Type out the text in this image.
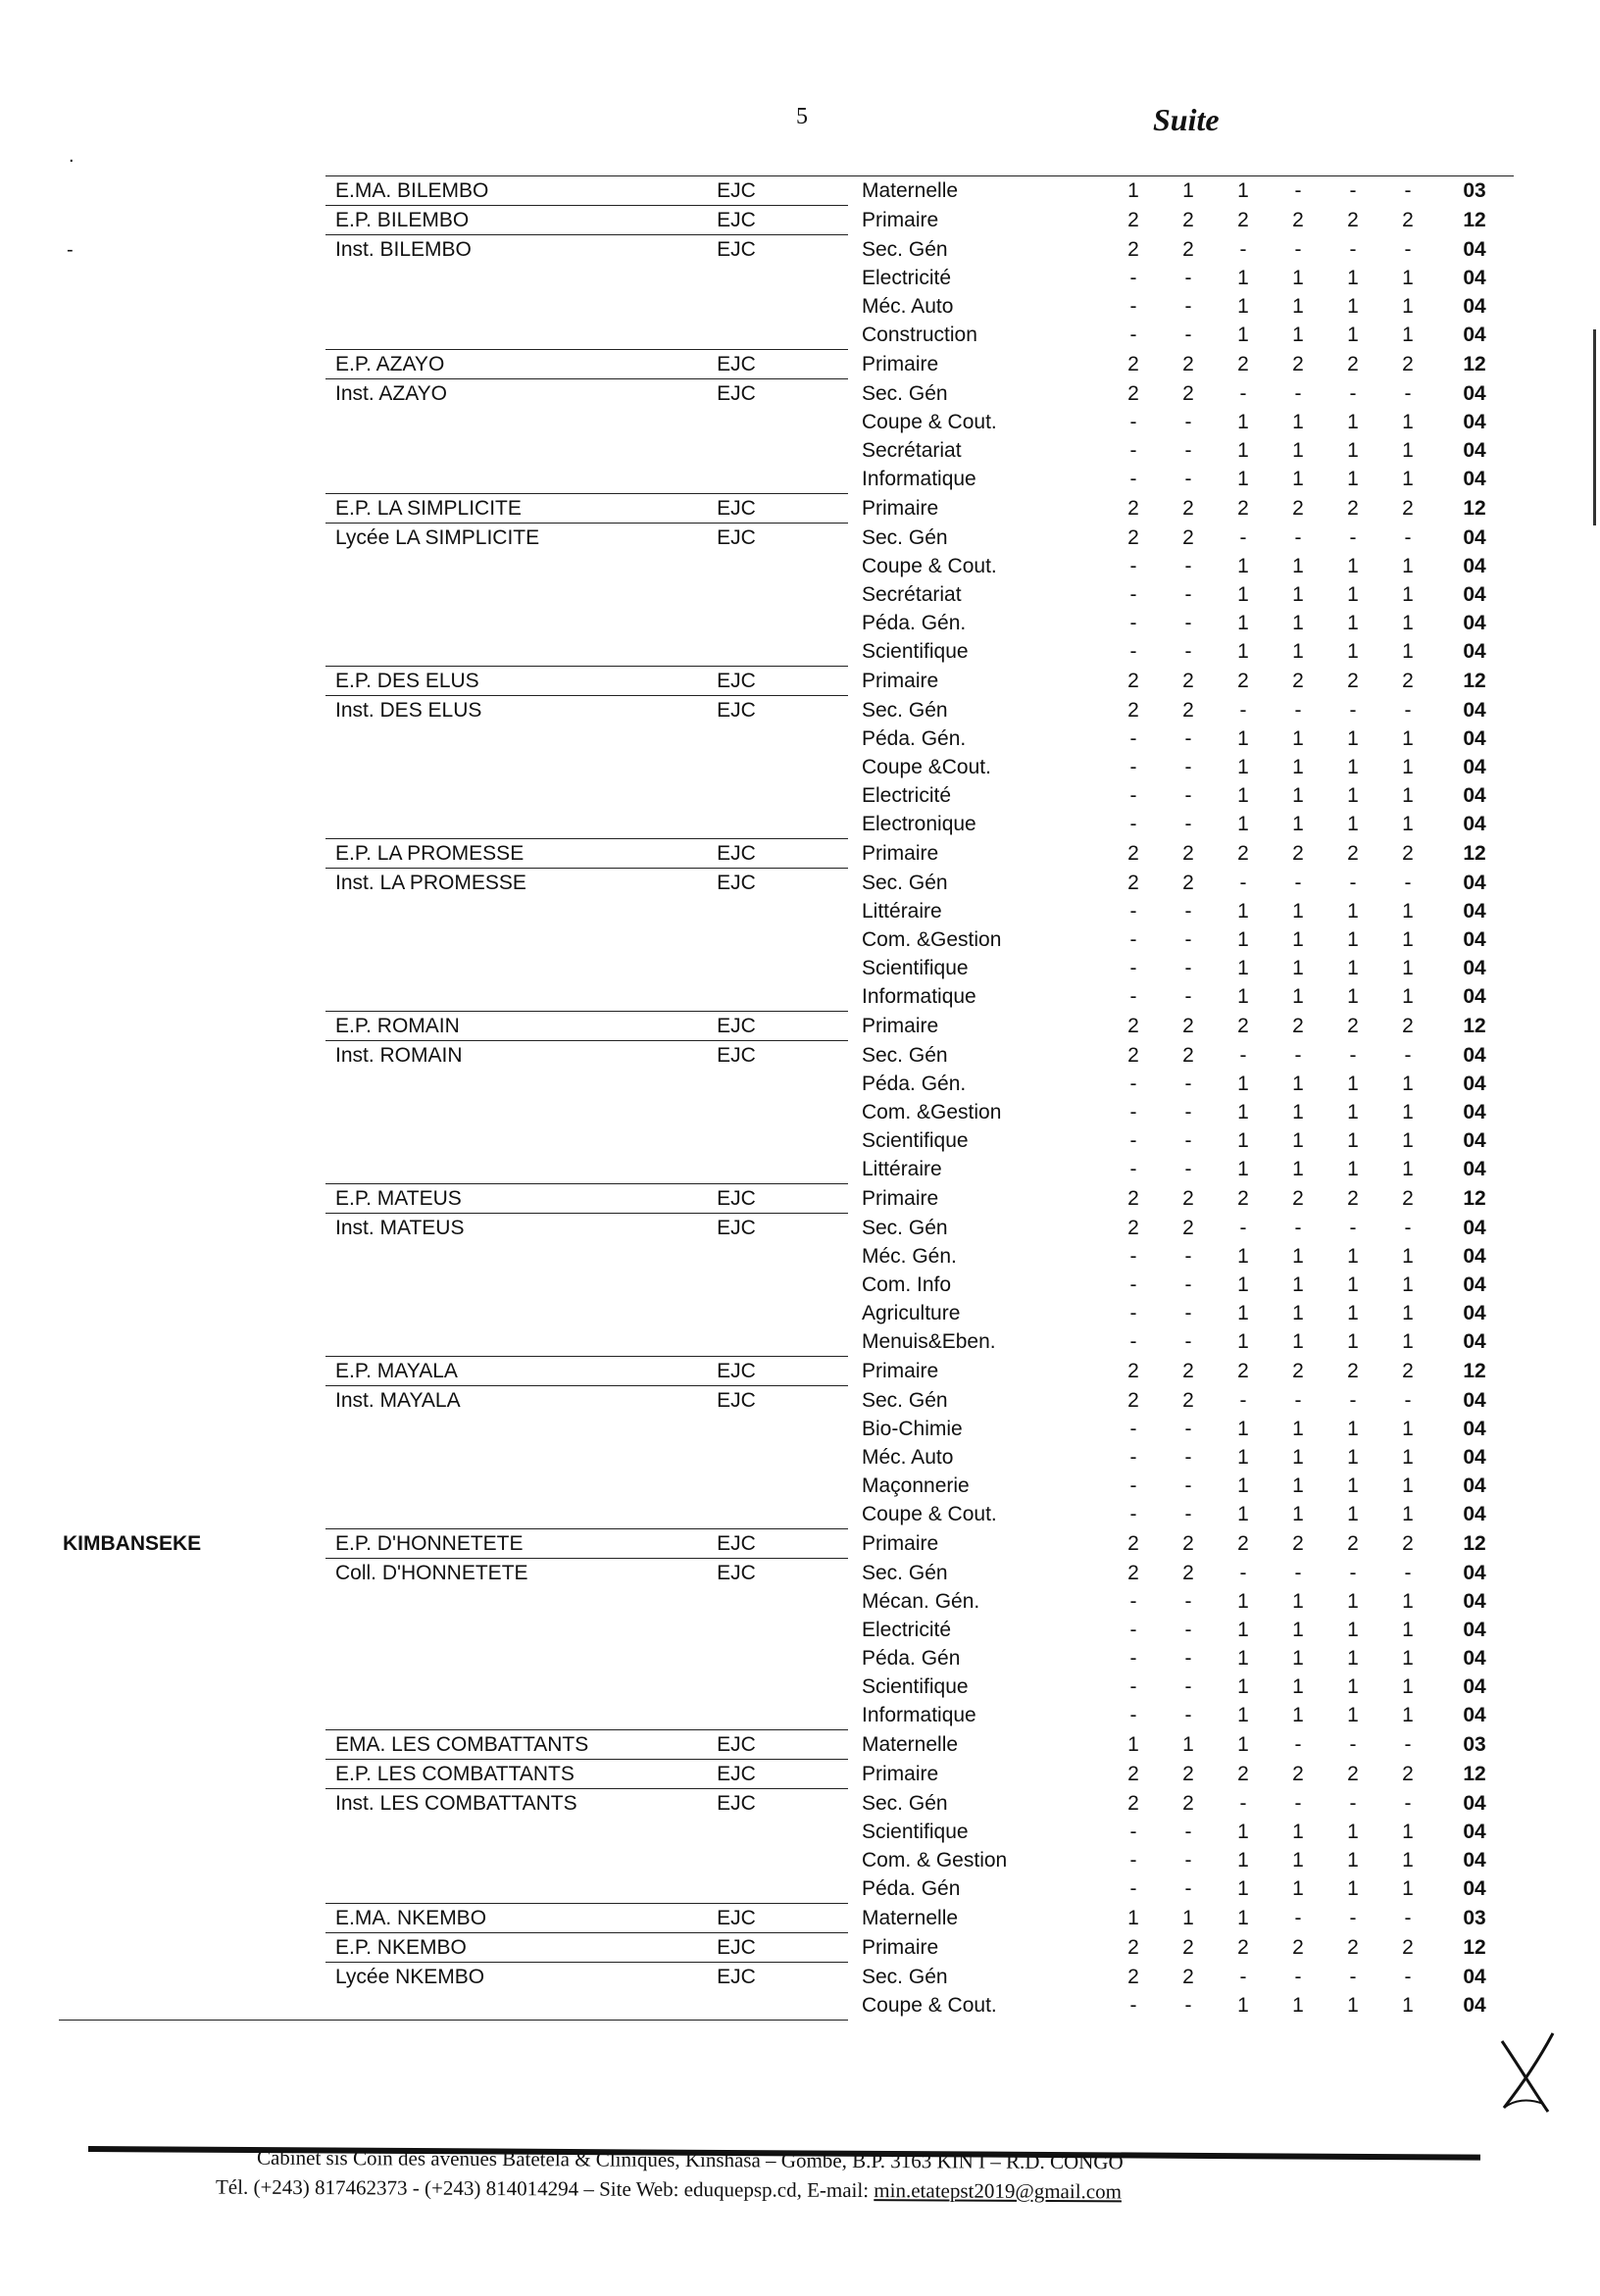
5	Suite
.
-
	E.MA. BILEMBO	EJC	Maternelle	1	1	1	-	-	-	03
	E.P. BILEMBO	EJC	Primaire	2	2	2	2	2	2	12
	Inst. BILEMBO	EJC	Sec. Gén	2	2	-	-	-	-	04
			Electricité	-	-	1	1	1	1	04
			Méc. Auto	-	-	1	1	1	1	04
			Construction	-	-	1	1	1	1	04
	E.P. AZAYO	EJC	Primaire	2	2	2	2	2	2	12
	Inst. AZAYO	EJC	Sec. Gén	2	2	-	-	-	-	04
			Coupe & Cout.	-	-	1	1	1	1	04
			Secrétariat	-	-	1	1	1	1	04
			Informatique	-	-	1	1	1	1	04
	E.P. LA SIMPLICITE	EJC	Primaire	2	2	2	2	2	2	12
	Lycée LA SIMPLICITE	EJC	Sec. Gén	2	2	-	-	-	-	04
			Coupe & Cout.	-	-	1	1	1	1	04
			Secrétariat	-	-	1	1	1	1	04
			Péda. Gén.	-	-	1	1	1	1	04
			Scientifique	-	-	1	1	1	1	04
	E.P. DES ELUS	EJC	Primaire	2	2	2	2	2	2	12
	Inst. DES ELUS	EJC	Sec. Gén	2	2	-	-	-	-	04
			Péda. Gén.	-	-	1	1	1	1	04
			Coupe &Cout.	-	-	1	1	1	1	04
			Electricité	-	-	1	1	1	1	04
			Electronique	-	-	1	1	1	1	04
	E.P. LA PROMESSE	EJC	Primaire	2	2	2	2	2	2	12
	Inst. LA PROMESSE	EJC	Sec. Gén	2	2	-	-	-	-	04
			Littéraire	-	-	1	1	1	1	04
			Com. &Gestion	-	-	1	1	1	1	04
			Scientifique	-	-	1	1	1	1	04
			Informatique	-	-	1	1	1	1	04
	E.P. ROMAIN	EJC	Primaire	2	2	2	2	2	2	12
	Inst. ROMAIN	EJC	Sec. Gén	2	2	-	-	-	-	04
			Péda. Gén.	-	-	1	1	1	1	04
			Com. &Gestion	-	-	1	1	1	1	04
			Scientifique	-	-	1	1	1	1	04
			Littéraire	-	-	1	1	1	1	04
	E.P. MATEUS	EJC	Primaire	2	2	2	2	2	2	12
	Inst. MATEUS	EJC	Sec. Gén	2	2	-	-	-	-	04
			Méc. Gén.	-	-	1	1	1	1	04
			Com. Info	-	-	1	1	1	1	04
			Agriculture	-	-	1	1	1	1	04
			Menuis&Eben.	-	-	1	1	1	1	04
	E.P. MAYALA	EJC	Primaire	2	2	2	2	2	2	12
	Inst. MAYALA	EJC	Sec. Gén	2	2	-	-	-	-	04
			Bio-Chimie	-	-	1	1	1	1	04
			Méc. Auto	-	-	1	1	1	1	04
			Maçonnerie	-	-	1	1	1	1	04
			Coupe & Cout.	-	-	1	1	1	1	04
KIMBANSEKE	E.P. D'HONNETETE	EJC	Primaire	2	2	2	2	2	2	12
	Coll. D'HONNETETE	EJC	Sec. Gén	2	2	-	-	-	-	04
			Mécan. Gén.	-	-	1	1	1	1	04
			Electricité	-	-	1	1	1	1	04
			Péda. Gén	-	-	1	1	1	1	04
			Scientifique	-	-	1	1	1	1	04
			Informatique	-	-	1	1	1	1	04
	EMA. LES COMBATTANTS	EJC	Maternelle	1	1	1	-	-	-	03
	E.P. LES COMBATTANTS	EJC	Primaire	2	2	2	2	2	2	12
	Inst. LES COMBATTANTS	EJC	Sec. Gén	2	2	-	-	-	-	04
			Scientifique	-	-	1	1	1	1	04
			Com. & Gestion	-	-	1	1	1	1	04
			Péda. Gén	-	-	1	1	1	1	04
	E.MA. NKEMBO	EJC	Maternelle	1	1	1	-	-	-	03
	E.P. NKEMBO	EJC	Primaire	2	2	2	2	2	2	12
	Lycée NKEMBO	EJC	Sec. Gén	2	2	-	-	-	-	04
			Coupe & Cout.	-	-	1	1	1	1	04
Cabinet sis Coin des avenues Batetela & Cliniques, Kinshasa – Gombe, B.P. 3163 KIN I – R.D. CONGO
Tél. (+243) 817462373 - (+243) 814014294 – Site Web: eduquepsp.cd, E-mail: min.etatepst2019@gmail.com
